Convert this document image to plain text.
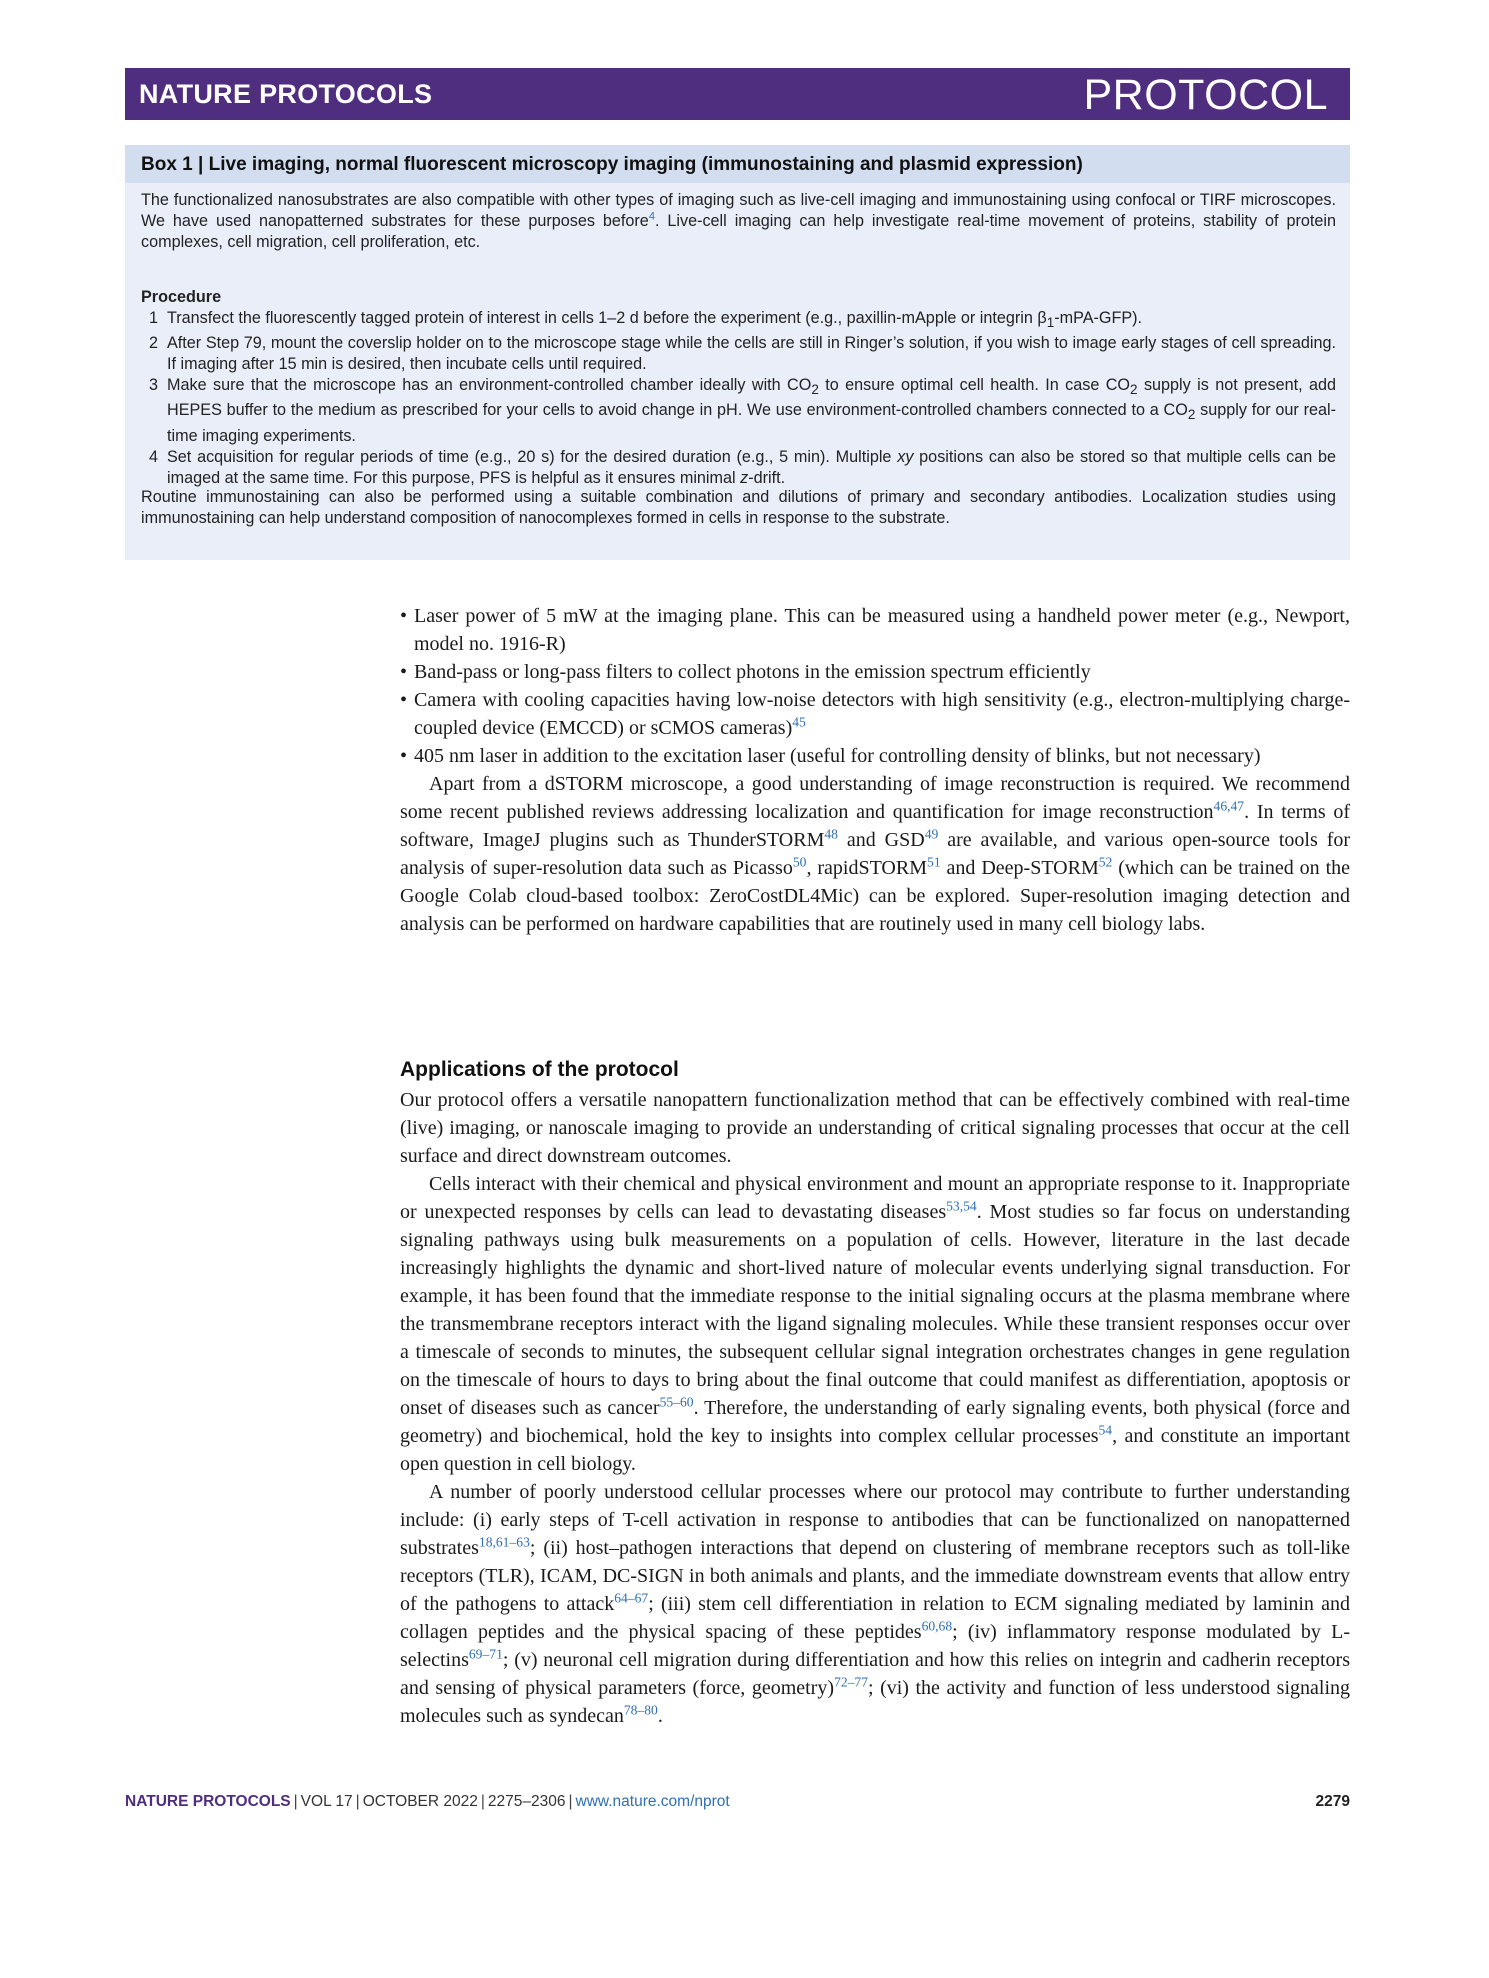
NATURE PROTOCOLS	PROTOCOL
Box 1 | Live imaging, normal fluorescent microscopy imaging (immunostaining and plasmid expression)
The functionalized nanosubstrates are also compatible with other types of imaging such as live-cell imaging and immunostaining using confocal or TIRF microscopes. We have used nanopatterned substrates for these purposes before$^4$. Live-cell imaging can help investigate real-time movement of proteins, stability of protein complexes, cell migration, cell proliferation, etc.
Procedure
1 Transfect the fluorescently tagged protein of interest in cells 1–2 d before the experiment (e.g., paxillin-mApple or integrin $\beta_1-mPA-GFP$).
2 After Step 79, mount the coverslip holder on to the microscope stage while the cells are still in Ringer’s solution, if you wish to image early stages of cell spreading. If imaging after 15 min is desired, then incubate cells until required.
3 Make sure that the microscope has an environment-controlled chamber ideally with $CO_2$ to ensure optimal cell health. In case $CO_2$ supply is not present, add HEPES buffer to the medium as prescribed for your cells to avoid change in pH. We use environment-controlled chambers connected to a $CO_2$ supply for our real-time imaging experiments.
4 Set acquisition for regular periods of time (e.g., 20 s) for the desired duration (e.g., 5 min). Multiple xy positions can also be stored so that multiple cells can be imaged at the same time. For this purpose, PFS is helpful as it ensures minimal z-drift.
Routine immunostaining can also be performed using a suitable combination and dilutions of primary and secondary antibodies. Localization studies using immunostaining can help understand composition of nanocomplexes formed in cells in response to the substrate.
• Laser power of 5 mW at the imaging plane. This can be measured using a handheld power meter (e.g., Newport, model no. 1916-R)
• Band-pass or long-pass filters to collect photons in the emission spectrum efficiently
• Camera with cooling capacities having low-noise detectors with high sensitivity (e.g., electron-multiplying charge-coupled device (EMCCD) or sCMOS cameras)$^{45}$
• 405 nm laser in addition to the excitation laser (useful for controlling density of blinks, but not necessary)
Apart from a dSTORM microscope, a good understanding of image reconstruction is required. We recommend some recent published reviews addressing localization and quantification for image reconstruction$^{46,47}$. In terms of software, ImageJ plugins such as ThunderSTORM$^{48}$ and GSD$^{49}$ are available, and various open-source tools for analysis of super-resolution data such as Picasso$^{50}$, rapidSTORM$^{51}$ and Deep-STORM$^{52}$ (which can be trained on the Google Colab cloud-based toolbox: ZeroCostDL4Mic) can be explored. Super-resolution imaging detection and analysis can be performed on hardware capabilities that are routinely used in many cell biology labs.
Applications of the protocol
Our protocol offers a versatile nanopattern functionalization method that can be effectively combined with real-time (live) imaging, or nanoscale imaging to provide an understanding of critical signaling processes that occur at the cell surface and direct downstream outcomes.
Cells interact with their chemical and physical environment and mount an appropriate response to it. Inappropriate or unexpected responses by cells can lead to devastating diseases$^{53,54}$. Most studies so far focus on understanding signaling pathways using bulk measurements on a population of cells. However, literature in the last decade increasingly highlights the dynamic and short-lived nature of molecular events underlying signal transduction. For example, it has been found that the immediate response to the initial signaling occurs at the plasma membrane where the transmembrane receptors interact with the ligand signaling molecules. While these transient responses occur over a timescale of seconds to minutes, the subsequent cellular signal integration orchestrates changes in gene regulation on the timescale of hours to days to bring about the final outcome that could manifest as differentiation, apoptosis or onset of diseases such as cancer$^{55-60}$. Therefore, the understanding of early signaling events, both physical (force and geometry) and biochemical, hold the key to insights into complex cellular processes$^{54}$, and constitute an important open question in cell biology.
A number of poorly understood cellular processes where our protocol may contribute to further understanding include: (i) early steps of T-cell activation in response to antibodies that can be functionalized on nanopatterned substrates$^{18,61-63}$; (ii) host–pathogen interactions that depend on clustering of membrane receptors such as toll-like receptors (TLR), ICAM, DC-SIGN in both animals and plants, and the immediate downstream events that allow entry of the pathogens to attack$^{64-67}$; (iii) stem cell differentiation in relation to ECM signaling mediated by laminin and collagen peptides and the physical spacing of these peptides$^{60,68}$; (iv) inflammatory response modulated by L-selectins$^{69-71}$; (v) neuronal cell migration during differentiation and how this relies on integrin and cadherin receptors and sensing of physical parameters (force, geometry)$^{72-77}$; (vi) the activity and function of less understood signaling molecules such as syndecan$^{78-80}$.
NATURE PROTOCOLS | VOL 17 | OCTOBER 2022 | 2275–2306 | www.nature.com/nprot	2279
